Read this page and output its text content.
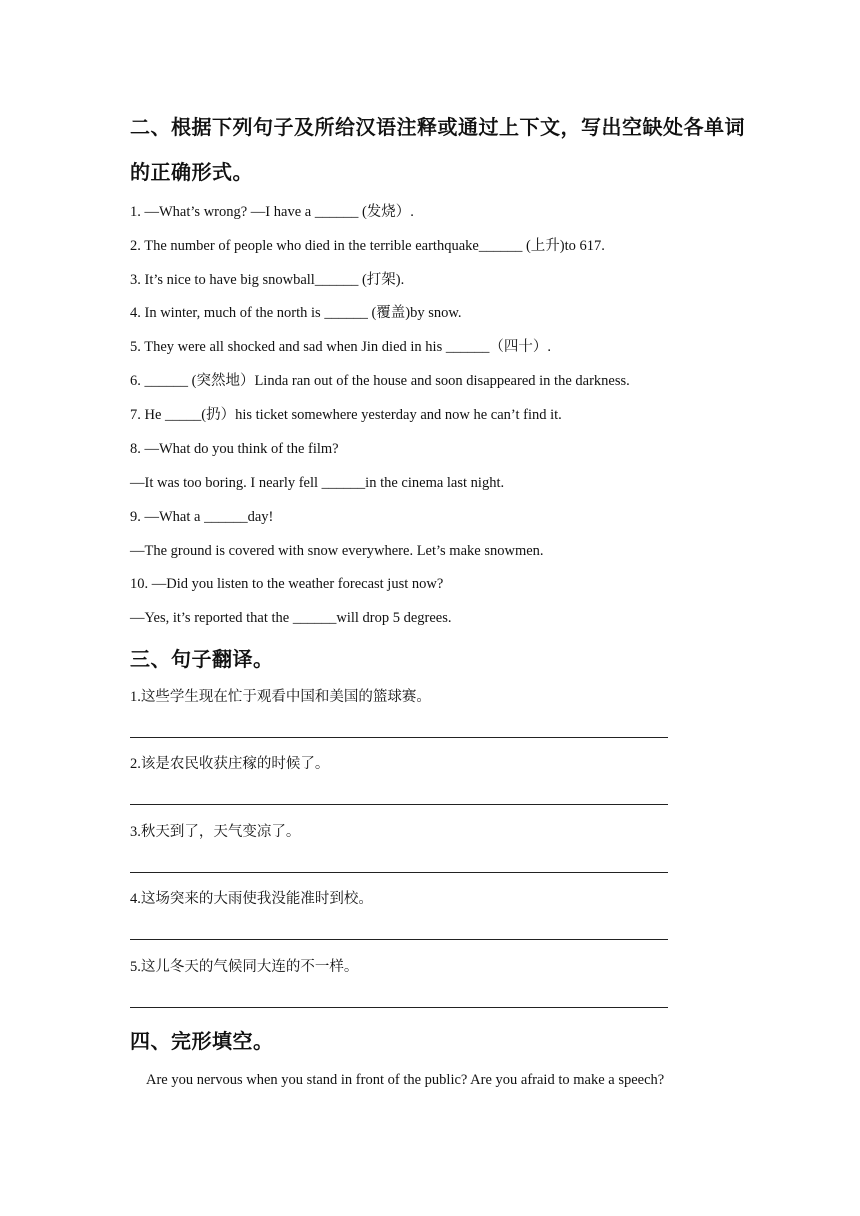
二、根据下列句子及所给汉语注释或通过上下文，写出空缺处各单词
的正确形式。
1. —What’s wrong? —I have a ______ (发烧）.
2. The number of people who died in the terrible earthquake______ (上升)to 617.
3. It’s nice to have big snowball______ (打架).
4. In winter, much of the north is ______ (覆盖)by snow.
5. They were all shocked and sad when Jin died in his ______（四十）.
6. ______ (突然地）Linda ran out of the house and soon disappeared in the darkness.
7. He _____(扔）his ticket somewhere yesterday and now he can’t find it.
8. —What do you think of the film?
—It was too boring. I nearly fell ______in the cinema last night.
9. —What a ______day!
—The ground is covered with snow everywhere. Let’s make snowmen.
10. —Did you listen to the weather forecast just now?
—Yes, it’s reported that the ______will drop 5 degrees.
三、句子翻译。
1.这些学生现在忙于观看中国和美国的篮球赛。
2.该是农民收获庄稼的时候了。
3.秋天到了，天气变凉了。
4.这场突来的大雨使我没能准时到校。
5.这儿冬天的气候同大连的不一样。
四、完形填空。
Are you nervous when you stand in front of the public? Are you afraid to make a speech?
